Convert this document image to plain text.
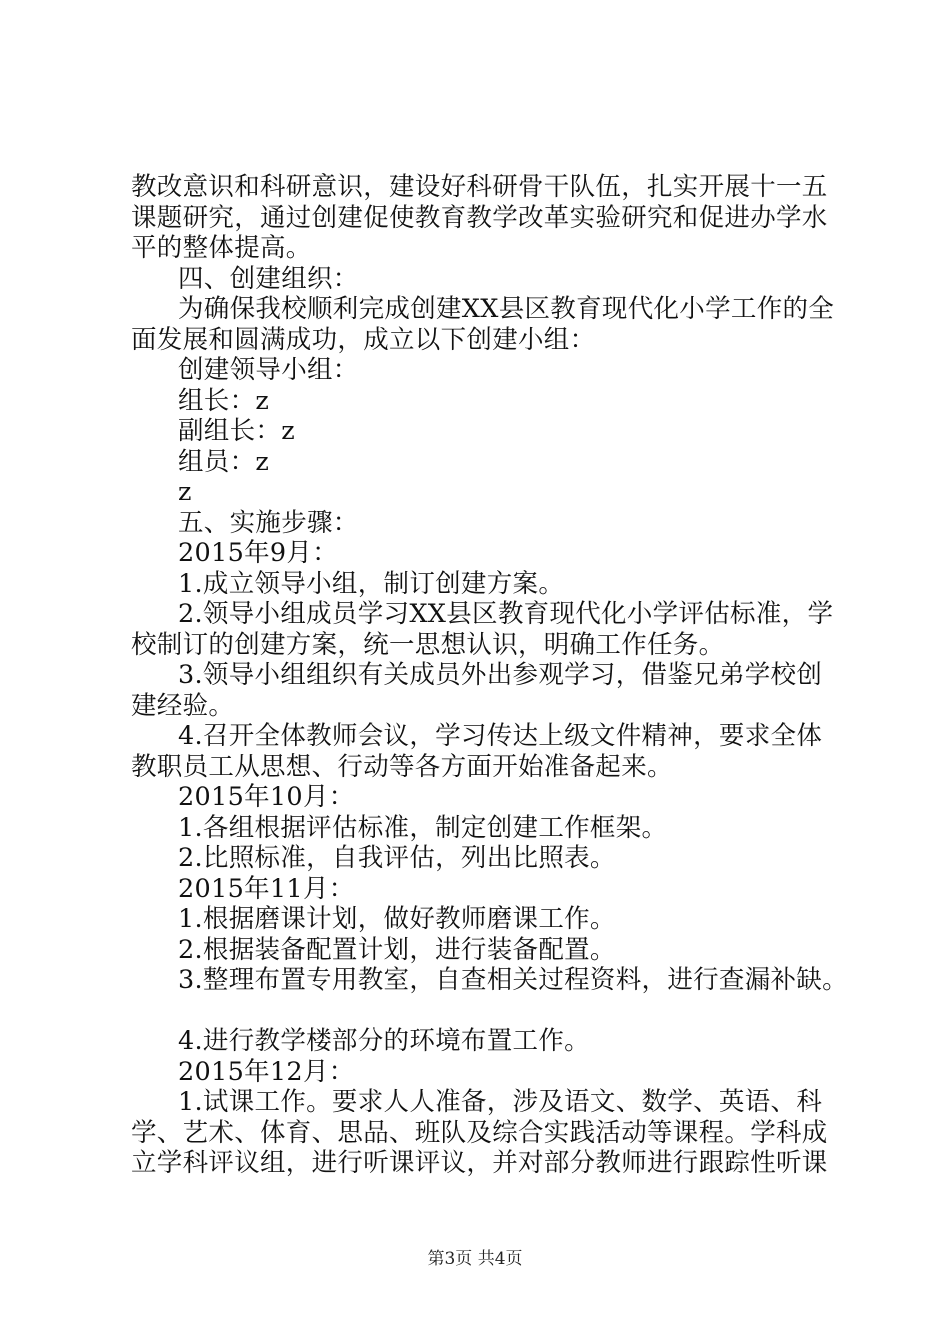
教改意识和科研意识，建设好科研骨干队伍，扎实开展十一五
课题研究，通过创建促使教育教学改革实验研究和促进办学水
平的整体提高。
四、创建组织：
为确保我校顺利完成创建XX县区教育现代化小学工作的全
面发展和圆满成功，成立以下创建小组：
创建领导小组：
组长：z
副组长：z
组员：z
z
五、实施步骤：
2015年9月：
1.成立领导小组，制订创建方案。
2.领导小组成员学习XX县区教育现代化小学评估标准，学
校制订的创建方案，统一思想认识，明确工作任务。
3.领导小组组织有关成员外出参观学习，借鉴兄弟学校创
建经验。
4.召开全体教师会议，学习传达上级文件精神，要求全体
教职员工从思想、行动等各方面开始准备起来。
2015年10月：
1.各组根据评估标准，制定创建工作框架。
2.比照标准，自我评估，列出比照表。
2015年11月：
1.根据磨课计划，做好教师磨课工作。
2.根据装备配置计划，进行装备配置。
3.整理布置专用教室，自查相关过程资料，进行查漏补缺。
4.进行教学楼部分的环境布置工作。
2015年12月：
1.试课工作。要求人人准备，涉及语文、数学、英语、科
学、艺术、体育、思品、班队及综合实践活动等课程。学科成
立学科评议组，进行听课评议，并对部分教师进行跟踪性听课
第3页 共4页
